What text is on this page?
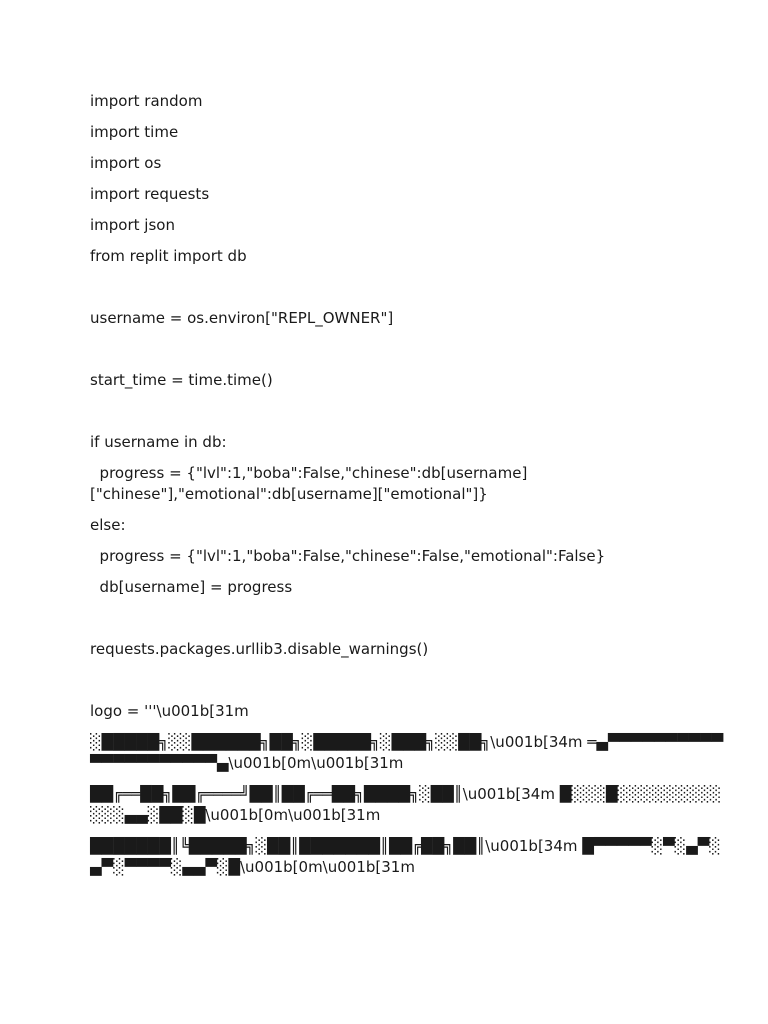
import random
import time
import os
import requests
import json
from replit import db
username = os.environ["REPL_OWNER"]
start_time = time.time()
if username in db:
progress = {"lvl":1,"boba":False,"chinese":db[username]["chinese"],"emotional":db[username]["emotional"]}
else:
progress = {"lvl":1,"boba":False,"chinese":False,"emotional":False}
db[username] = progress
requests.packages.urllib3.disable_warnings()
logo = '''\u001b[31m
░█████╗░░██████╗██╗░█████╗░███╗░░██╗\u001b[34m ═▄▀▀▀▀▀▀▀▀▀▀▀▀▀▀▀▀▀▀▀▀▀▄\u001b[0m\u001b[31m
██╔══██╗██╔════╝██║██╔══██╗████╗░██║\u001b[34m █░░░█░░░░░░░░░░░░▄▄░██░█\u001b[0m\u001b[31m
███████║╚█████╗░██║███████║██╔██╗██║\u001b[34m █▀▀▀▀▀░▀░▄▀░▄▀░▀▀▀▀░▄▄▀░█\u001b[0m\u001b[31m
